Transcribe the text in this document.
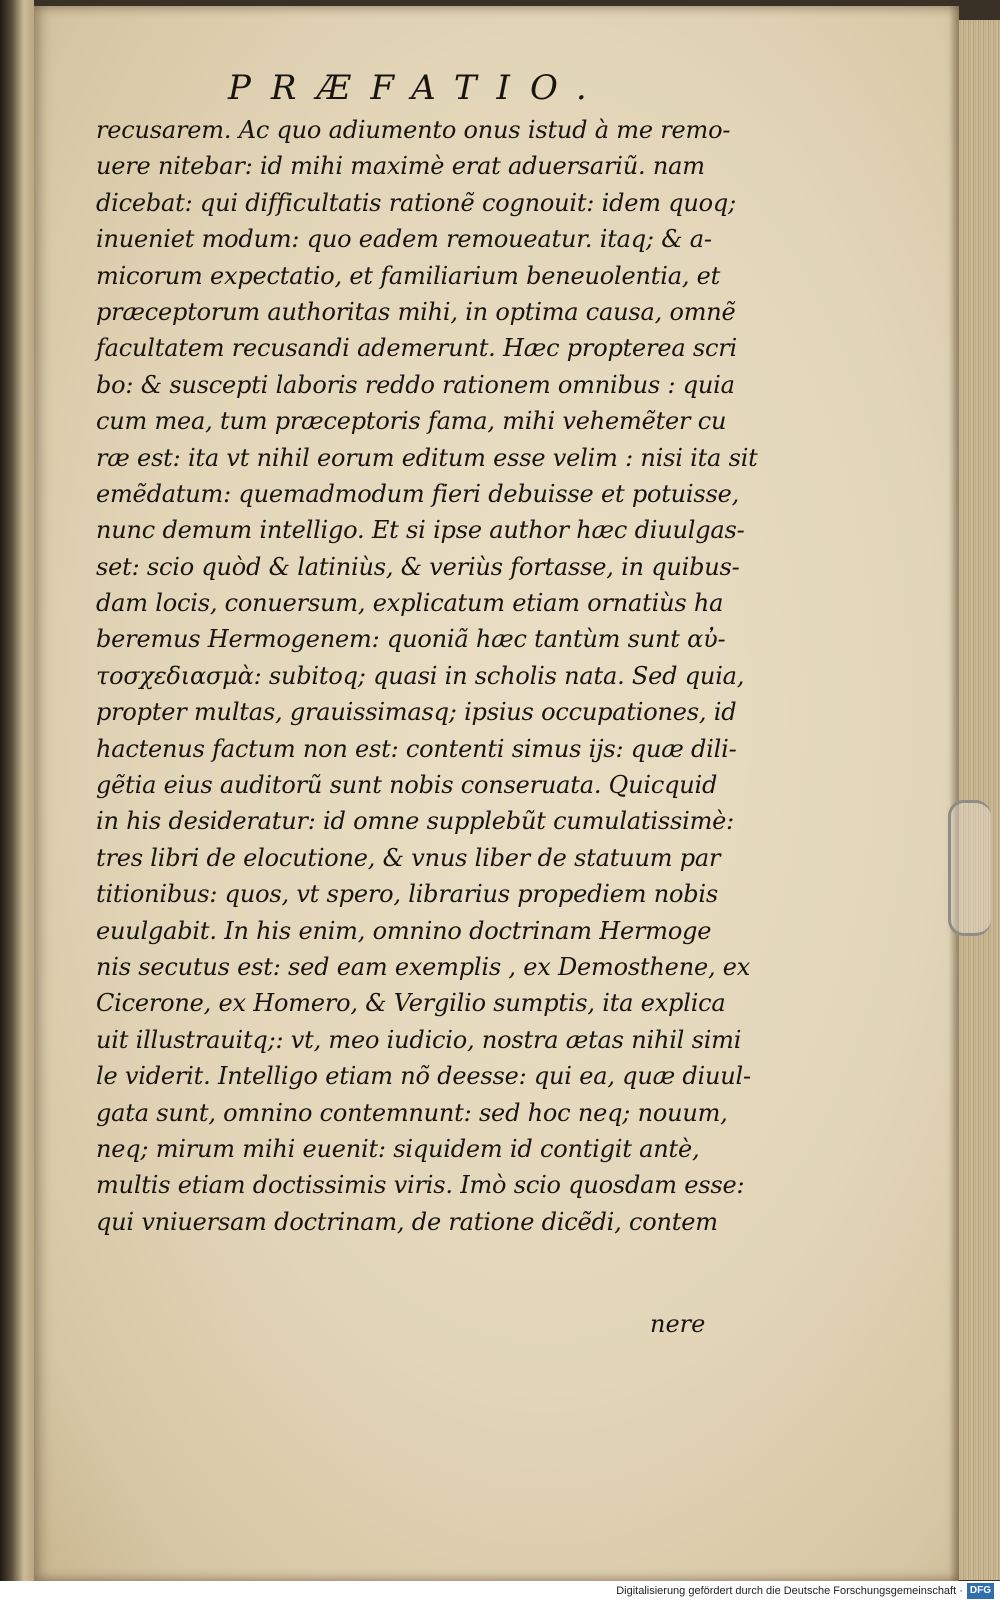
PRÆFATIO.
recusarem. Ac quo adiumento onus istud à me remo-
uere nitebar: id mihi maximè erat aduersariũ. nam
dicebat: qui difficultatis rationẽ cognouit: idem quoq;
inueniet modum: quo eadem remoueatur. itaq; & a-
micorum expectatio, et familiarium beneuolentia, et
præceptorum authoritas mihi, in optima causa, omnẽ
facultatem recusandi ademerunt. Hæc propterea scri
bo: & suscepti laboris reddo rationem omnibus : quia
cum mea, tum præceptoris fama, mihi vehemẽter cu
ræ est: ita vt nihil eorum editum esse velim : nisi ita sit
emẽdatum: quemadmodum fieri debuisse et potuisse,
nunc demum intelligo. Et si ipse author hæc diuulgas-
set: scio quòd & latiniùs, & veriùs fortasse, in quibus-
dam locis, conuersum, explicatum etiam ornatiùs ha
beremus Hermogenem: quoniã hæc tantùm sunt αὐ-
τοσχεδιασμὰ: subitoq; quasi in scholis nata. Sed quia,
propter multas, grauissimasq; ipsius occupationes, id
hactenus factum non est: contenti simus ijs: quæ dili-
gẽtia eius auditorũ sunt nobis conseruata. Quicquid
in his desideratur: id omne supplebũt cumulatissimè:
tres libri de elocutione, & vnus liber de statuum par
titionibus: quos, vt spero, librarius propediem nobis
euulgabit. In his enim, omnino doctrinam Hermoge
nis secutus est: sed eam exemplis , ex Demosthene, ex
Cicerone, ex Homero, & Vergilio sumptis, ita explica
uit illustrauitq;: vt, meo iudicio, nostra ætas nihil simi
le viderit. Intelligo etiam nõ deesse: qui ea, quæ diuul-
gata sunt, omnino contemnunt: sed hoc neq; nouum,
neq; mirum mihi euenit: siquidem id contigit antè,
multis etiam doctissimis viris. Imò scio quosdam esse:
qui vniuersam doctrinam, de ratione dicẽdi, contem

nere

Digitalisierung gefördert durch die Deutsche Forschungsgemeinschaft · DFG
